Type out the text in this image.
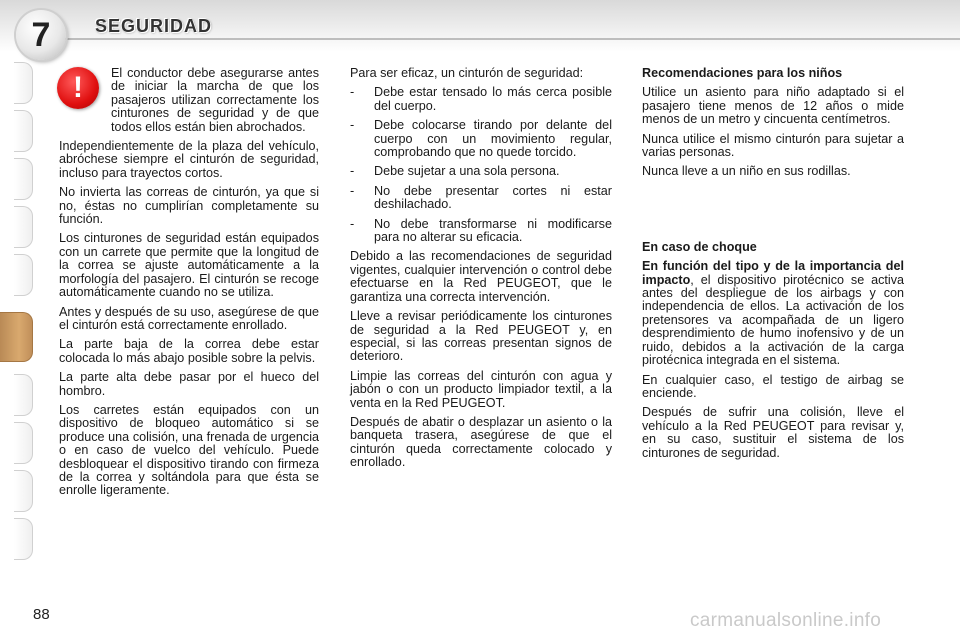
7	SEGURIDAD
!	El conductor debe asegurarse antes de iniciar la marcha de que los pasajeros utilizan correctamente los cinturones de seguridad y de que todos ellos están bien abrochados.

Independientemente de la plaza del vehículo, abróchese siempre el cinturón de seguridad, incluso para trayectos cortos.

No invierta las correas de cinturón, ya que si no, éstas no cumplirían completamente su función.

Los cinturones de seguridad están equipados con un carrete que permite que la longitud de la correa se ajuste automáticamente a la morfología del pasajero. El cinturón se recoge automáticamente cuando no se utiliza.

Antes y después de su uso, asegúrese de que el cinturón está correctamente enrollado.

La parte baja de la correa debe estar colocada lo más abajo posible sobre la pelvis.

La parte alta debe pasar por el hueco del hombro.

Los carretes están equipados con un dispositivo de bloqueo automático si se produce una colisión, una frenada de urgencia o en caso de vuelco del vehículo. Puede desbloquear el dispositivo tirando con firmeza de la correa y soltándola para que ésta se enrolle ligeramente.

Para ser eficaz, un cinturón de seguridad:

- Debe estar tensado lo más cerca posible del cuerpo.
- Debe colocarse tirando por delante del cuerpo con un movimiento regular, comprobando que no quede torcido.
- Debe sujetar a una sola persona.
- No debe presentar cortes ni estar deshilachado.
- No debe transformarse ni modificarse para no alterar su eficacia.

Debido a las recomendaciones de seguridad vigentes, cualquier intervención o control debe efectuarse en la Red PEUGEOT, que le garantiza una correcta intervención.

Lleve a revisar periódicamente los cinturones de seguridad a la Red PEUGEOT y, en especial, si las correas presentan signos de deterioro.

Limpie las correas del cinturón con agua y jabón o con un producto limpiador textil, a la venta en la Red PEUGEOT.

Después de abatir o desplazar un asiento o la banqueta trasera, asegúrese de que el cinturón queda correctamente colocado y enrollado.

Recomendaciones para los niños

Utilice un asiento para niño adaptado si el pasajero tiene menos de 12 años o mide menos de un metro y cincuenta centímetros.

Nunca utilice el mismo cinturón para sujetar a varias personas.

Nunca lleve a un niño en sus rodillas.

En caso de choque

En función del tipo y de la importancia del impacto, el dispositivo pirotécnico se activa antes del despliegue de los airbags y con independencia de ellos. La activación de los pretensores va acompañada de un ligero desprendimiento de humo inofensivo y de un ruido, debidos a la activación de la carga pirotécnica integrada en el sistema.

En cualquier caso, el testigo de airbag se enciende.

Después de sufrir una colisión, lleve el vehículo a la Red PEUGEOT para revisar y, en su caso, sustituir el sistema de los cinturones de seguridad.

88	carmanualsonline.info
